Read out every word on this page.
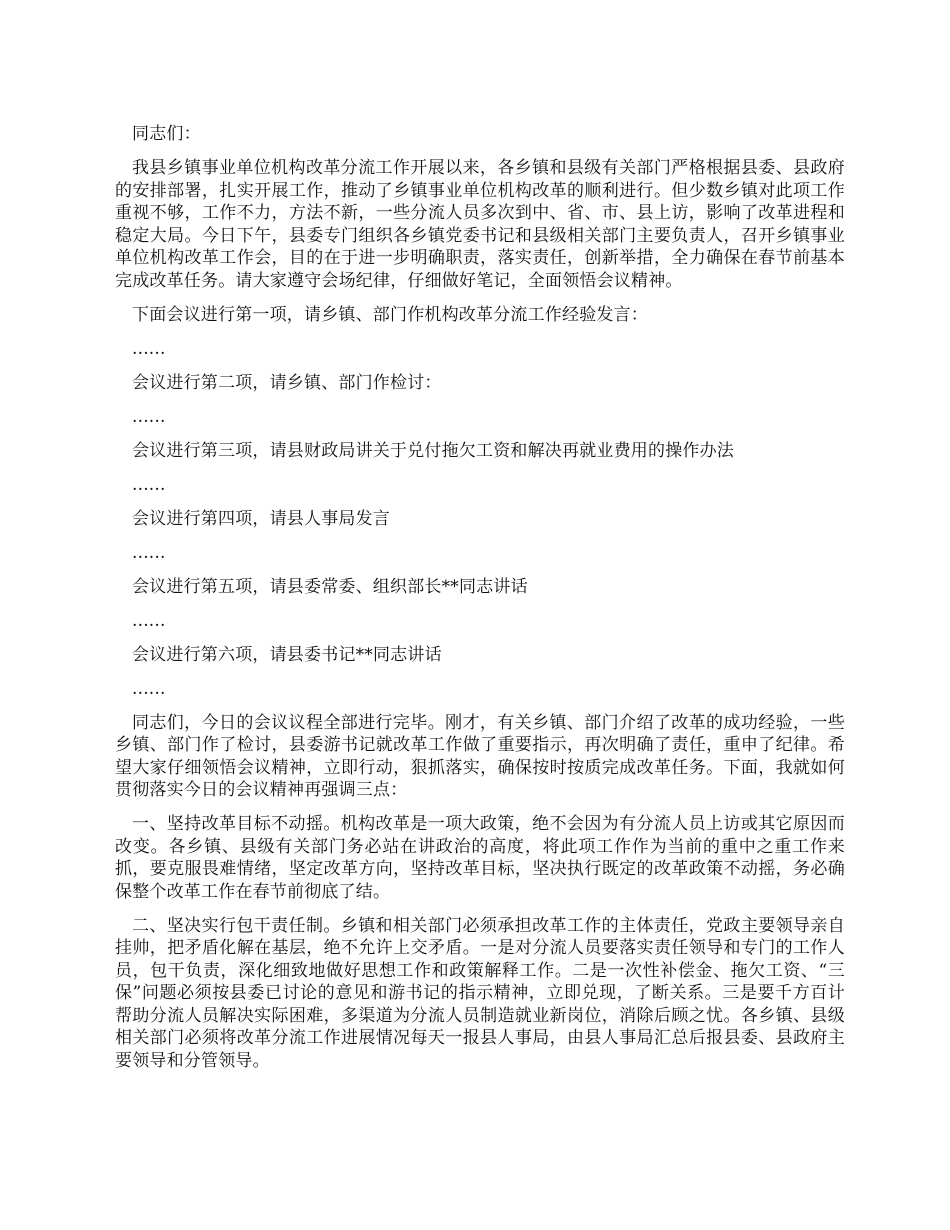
同志们：

我县乡镇事业单位机构改革分流工作开展以来，各乡镇和县级有关部门严格根据县委、县政府的安排部署，扎实开展工作，推动了乡镇事业单位机构改革的顺利进行。但少数乡镇对此项工作重视不够，工作不力，方法不新，一些分流人员多次到中、省、市、县上访，影响了改革进程和稳定大局。今日下午，县委专门组织各乡镇党委书记和县级相关部门主要负责人，召开乡镇事业单位机构改革工作会，目的在于进一步明确职责，落实责任，创新举措，全力确保在春节前基本完成改革任务。请大家遵守会场纪律，仔细做好笔记，全面领悟会议精神。

下面会议进行第一项，请乡镇、部门作机构改革分流工作经验发言：

......

会议进行第二项，请乡镇、部门作检讨：

......

会议进行第三项，请县财政局讲关于兑付拖欠工资和解决再就业费用的操作办法

......

会议进行第四项，请县人事局发言

......

会议进行第五项，请县委常委、组织部长**同志讲话

......

会议进行第六项，请县委书记**同志讲话

......

同志们，今日的会议议程全部进行完毕。刚才，有关乡镇、部门介绍了改革的成功经验，一些乡镇、部门作了检讨，县委游书记就改革工作做了重要指示，再次明确了责任，重申了纪律。希望大家仔细领悟会议精神，立即行动，狠抓落实，确保按时按质完成改革任务。下面，我就如何贯彻落实今日的会议精神再强调三点：

一、坚持改革目标不动摇。机构改革是一项大政策，绝不会因为有分流人员上访或其它原因而改变。各乡镇、县级有关部门务必站在讲政治的高度，将此项工作作为当前的重中之重工作来抓，要克服畏难情绪，坚定改革方向，坚持改革目标，坚决执行既定的改革政策不动摇，务必确保整个改革工作在春节前彻底了结。

二、坚决实行包干责任制。乡镇和相关部门必须承担改革工作的主体责任，党政主要领导亲自挂帅，把矛盾化解在基层，绝不允许上交矛盾。一是对分流人员要落实责任领导和专门的工作人员，包干负责，深化细致地做好思想工作和政策解释工作。二是一次性补偿金、拖欠工资、“三保”问题必须按县委已讨论的意见和游书记的指示精神，立即兑现，了断关系。三是要千方百计帮助分流人员解决实际困难，多渠道为分流人员制造就业新岗位，消除后顾之忧。各乡镇、县级相关部门必须将改革分流工作进展情况每天一报县人事局，由县人事局汇总后报县委、县政府主要领导和分管领导。
